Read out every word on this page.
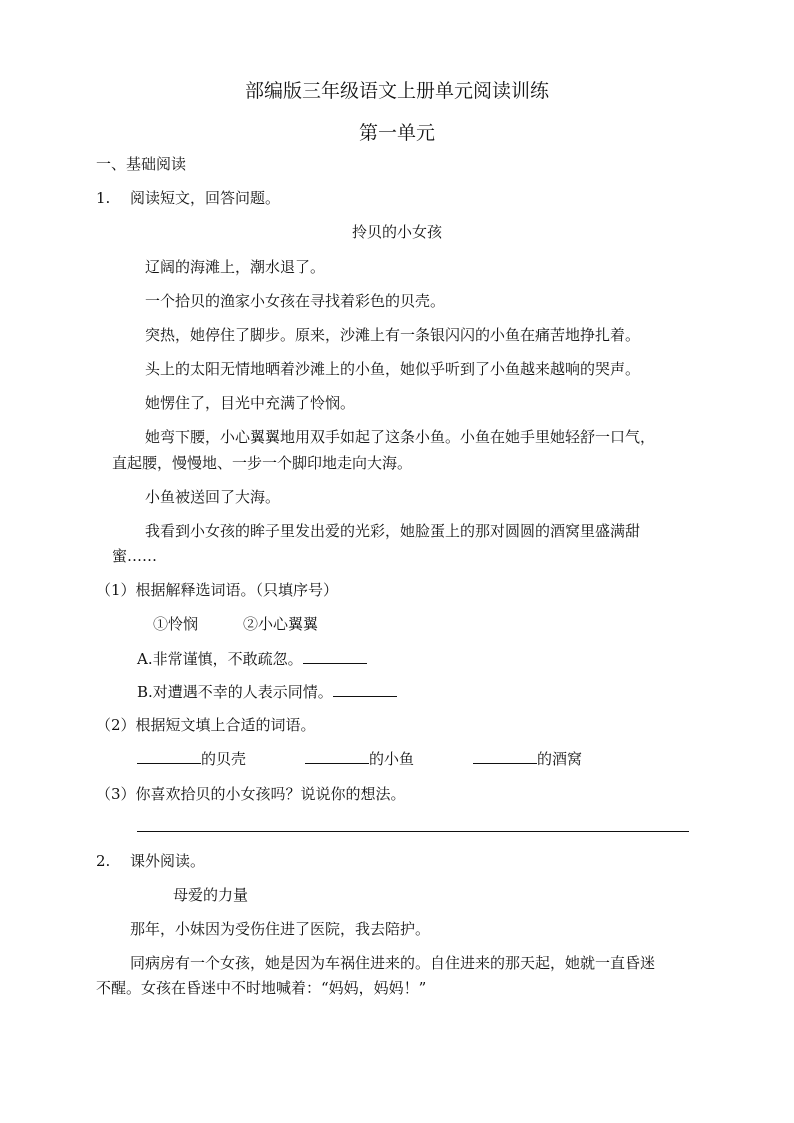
部编版三年级语文上册单元阅读训练
第一单元
一、基础阅读
1. 阅读短文，回答问题。
拎贝的小女孩
辽阔的海滩上，潮水退了。
一个拾贝的渔家小女孩在寻找着彩色的贝壳。
突热，她停住了脚步。原来，沙滩上有一条银闪闪的小鱼在痛苦地挣扎着。
头上的太阳无情地晒着沙滩上的小鱼，她似乎听到了小鱼越来越响的哭声。
她愣住了，目光中充满了怜悯。
她弯下腰，小心翼翼地用双手如起了这条小鱼。小鱼在她手里她轻舒一口气，
直起腰，慢慢地、一步一个脚印地走向大海。
小鱼被送回了大海。
我看到小女孩的眸子里发出爱的光彩，她脸蛋上的那对圆圆的酒窝里盛满甜
蜜……
（1）根据解释选词语。（只填序号）
①怜悯　　　②小心翼翼
A.非常谨慎，不敢疏忽。
B.对遭遇不幸的人表示同情。
（2）根据短文填上合适的词语。
的贝壳	的小鱼	的酒窝
（3）你喜欢拾贝的小女孩吗？说说你的想法。
2. 课外阅读。
母爱的力量
那年，小妹因为受伤住进了医院，我去陪护。
同病房有一个女孩，她是因为车祸住进来的。自住进来的那天起，她就一直昏迷
不醒。女孩在昏迷中不时地喊着：“妈妈，妈妈！”
